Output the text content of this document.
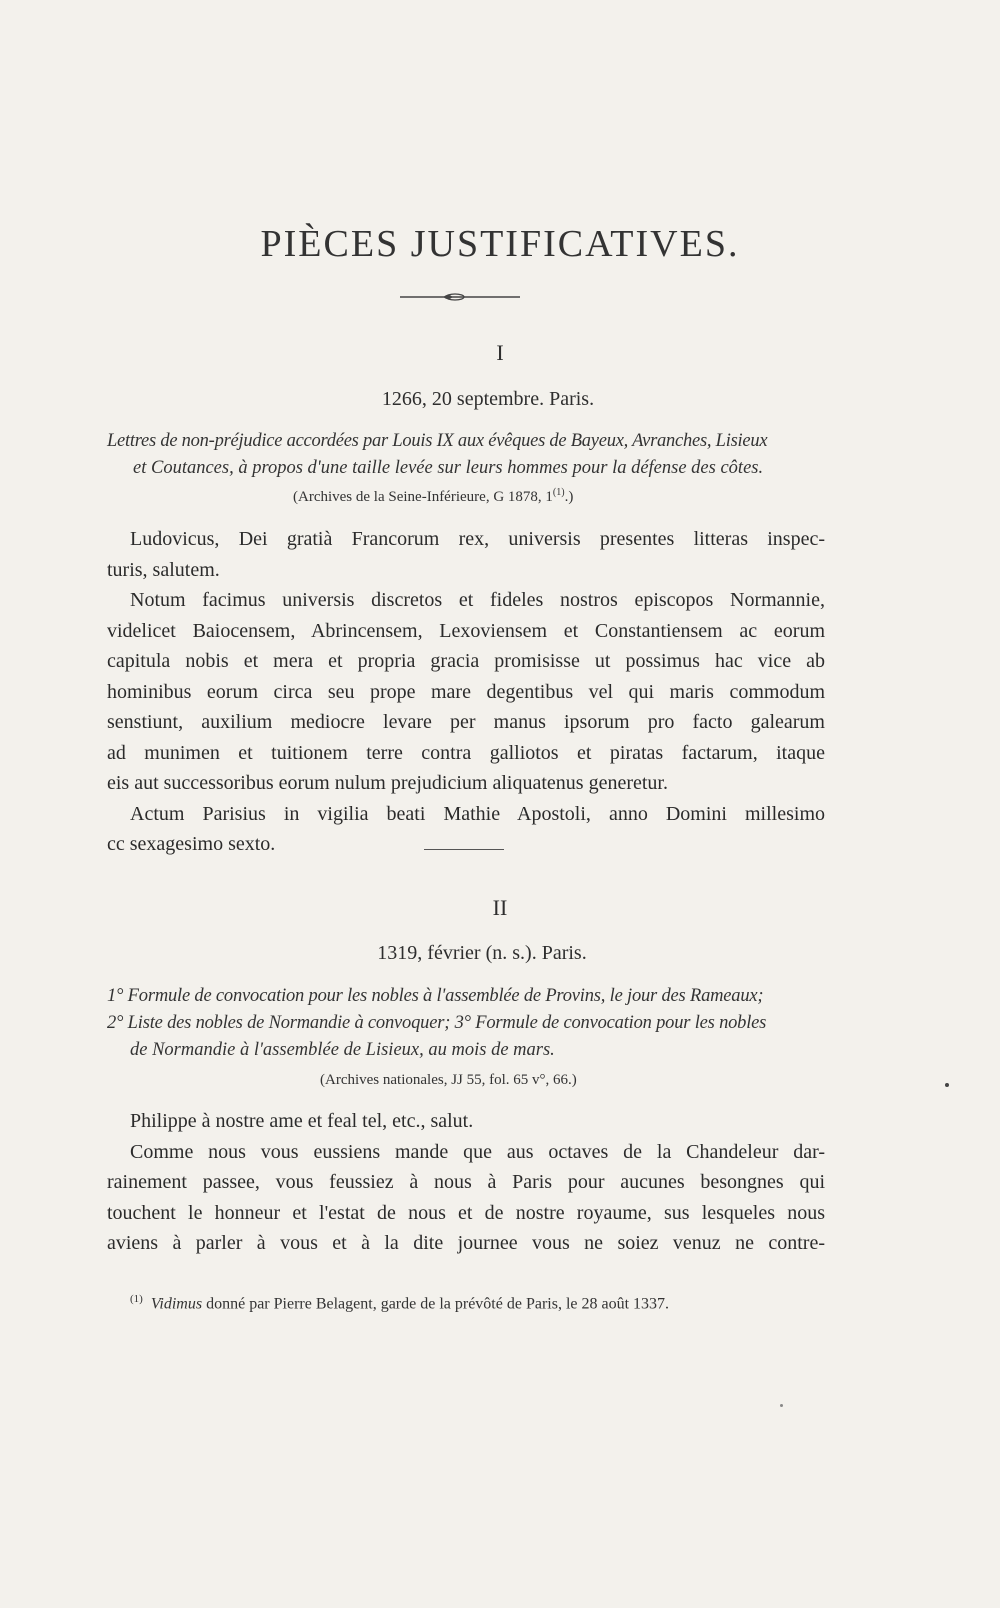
PIÈCES JUSTIFICATIVES.
I
1266, 20 septembre. Paris.
Lettres de non-préjudice accordées par Louis IX aux évêques de Bayeux, Avranches, Lisieux
et Coutances, à propos d'une taille levée sur leurs hommes pour la défense des côtes.
(Archives de la Seine-Inférieure, G 1878, 1$^{(1)}$.)
Ludovicus, Dei gratià Francorum rex, universis presentes litteras inspec-
turis, salutem.
Notum facimus universis discretos et fideles nostros episcopos Normannie,
videlicet Baiocensem, Abrincensem, Lexoviensem et Constantiensem ac eorum
capitula nobis et mera et propria gracia promisisse ut possimus hac vice ab
hominibus eorum circa seu prope mare degentibus vel qui maris commodum
senstiunt, auxilium mediocre levare per manus ipsorum pro facto galearum
ad munimen et tuitionem terre contra galliotos et piratas factarum, itaque
eis aut successoribus eorum nulum prejudicium aliquatenus generetur.
Actum Parisius in vigilia beati Mathie Apostoli, anno Domini millesimo
cc sexagesimo sexto.
II
1319, février (n. s.). Paris.
1° Formule de convocation pour les nobles à l'assemblée de Provins, le jour des Rameaux;
2° Liste des nobles de Normandie à convoquer; 3° Formule de convocation pour les nobles
de Normandie à l'assemblée de Lisieux, au mois de mars.
(Archives nationales, JJ 55, fol. 65 v°, 66.)
Philippe à nostre ame et feal tel, etc., salut.
Comme nous vous eussiens mande que aus octaves de la Chandeleur dar-
rainement passee, vous feussiez à nous à Paris pour aucunes besongnes qui
touchent le honneur et l'estat de nous et de nostre royaume, sus lesqueles nous
aviens à parler à vous et à la dite journee vous ne soiez venuz ne contre-
$^{(1)}$ Vidimus donné par Pierre Belagent, garde de la prévôté de Paris, le 28 août 1337.
